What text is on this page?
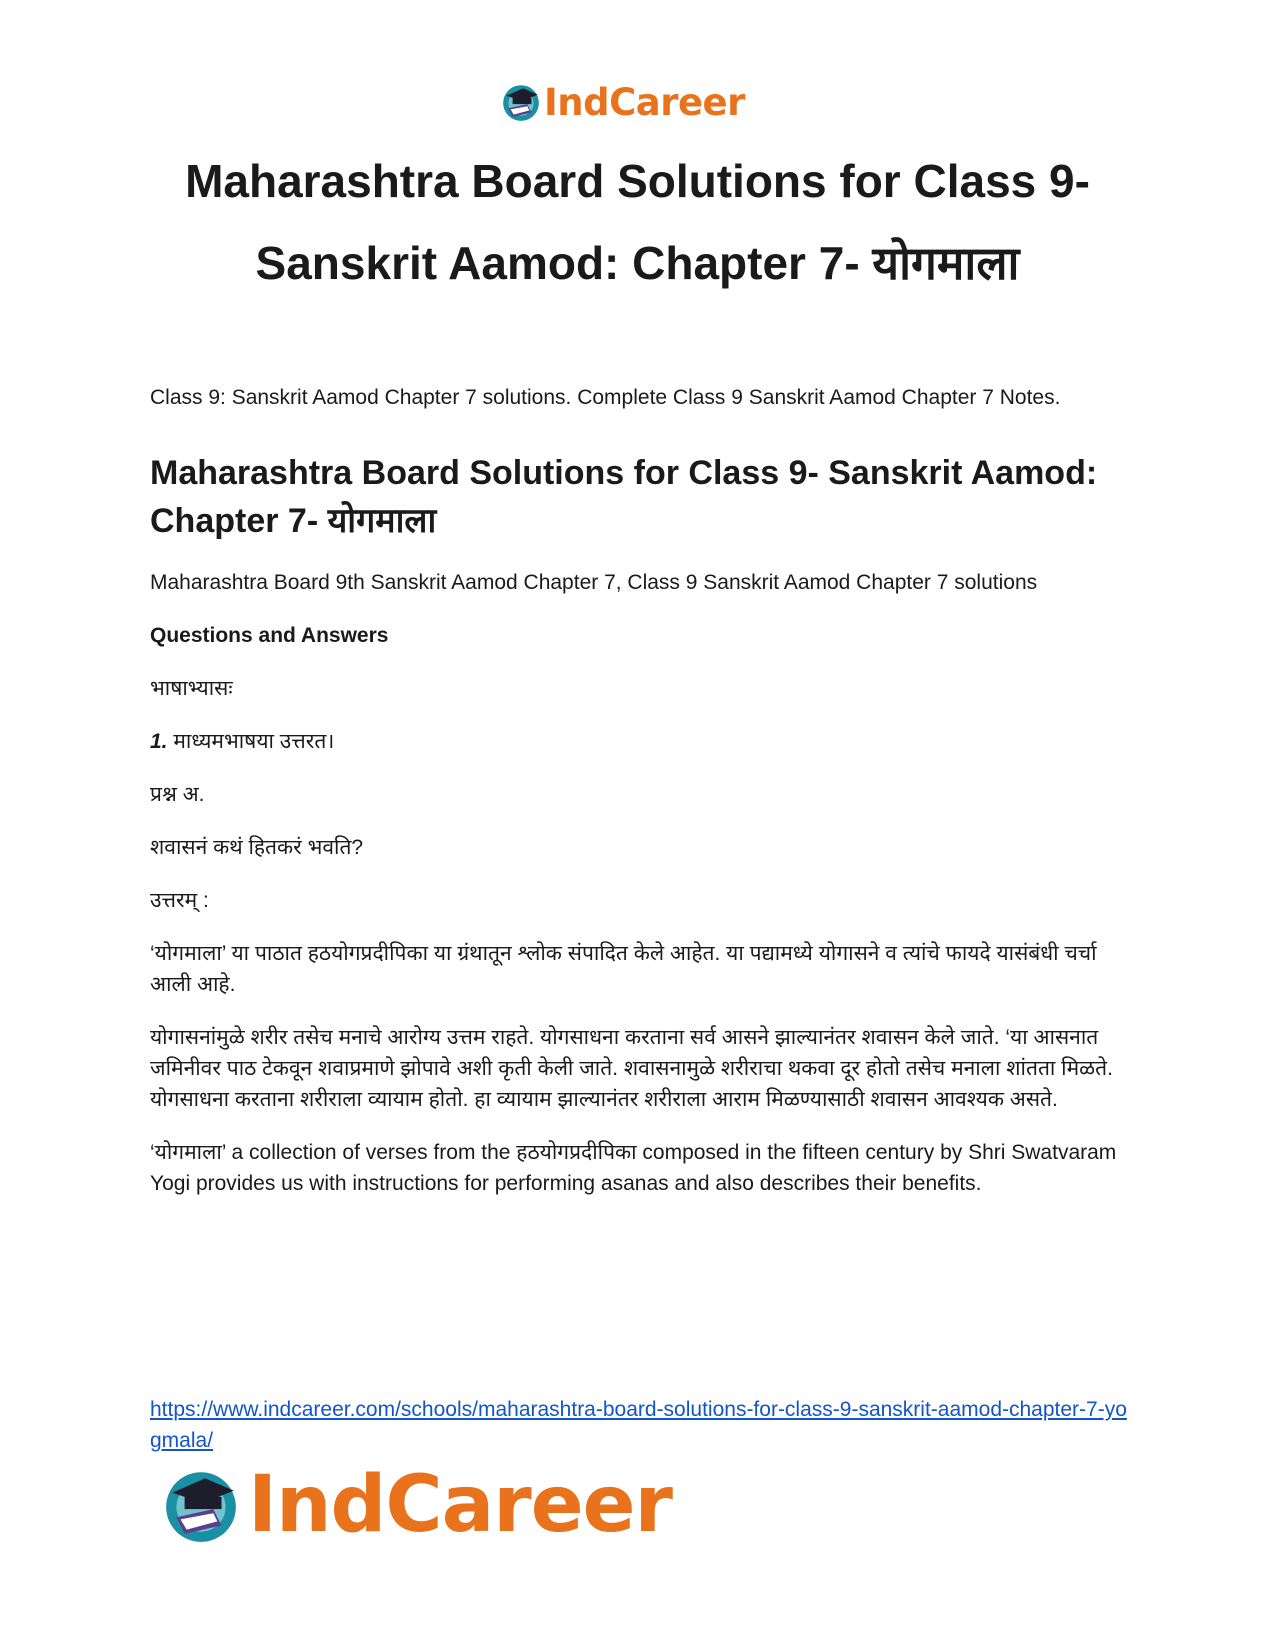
IndCareer
Maharashtra Board Solutions for Class 9-
Sanskrit Aamod: Chapter 7- योगमाला

Class 9: Sanskrit Aamod Chapter 7 solutions. Complete Class 9 Sanskrit Aamod Chapter 7 Notes.

Maharashtra Board Solutions for Class 9- Sanskrit Aamod: Chapter 7- योगमाला

Maharashtra Board 9th Sanskrit Aamod Chapter 7, Class 9 Sanskrit Aamod Chapter 7 solutions

Questions and Answers

भाषाभ्यासः

1. माध्यमभाषया उत्तरत।

प्रश्न अ.

शवासनं कथं हितकरं भवति?

उत्तरम् :

‘योगमाला’ या पाठात हठयोगप्रदीपिका या ग्रंथातून श्लोक संपादित केले आहेत. या पद्यामध्ये योगासने व त्यांचे फायदे यासंबंधी चर्चा आली आहे.

योगासनांमुळे शरीर तसेच मनाचे आरोग्य उत्तम राहते. योगसाधना करताना सर्व आसने झाल्यानंतर शवासन केले जाते. ‘या आसनात जमिनीवर पाठ टेकवून शवाप्रमाणे झोपावे अशी कृती केली जाते. शवासनामुळे शरीराचा थकवा दूर होतो तसेच मनाला शांतता मिळते. योगसाधना करताना शरीराला व्यायाम होतो. हा व्यायाम झाल्यानंतर शरीराला आराम मिळण्यासाठी शवासन आवश्यक असते.

‘योगमाला’ a collection of verses from the हठयोगप्रदीपिका composed in the fifteen century by Shri Swatvaram Yogi provides us with instructions for performing asanas and also describes their benefits.

https://www.indcareer.com/schools/maharashtra-board-solutions-for-class-9-sanskrit-aamod-chapter-7-yogmala/
IndCareer
